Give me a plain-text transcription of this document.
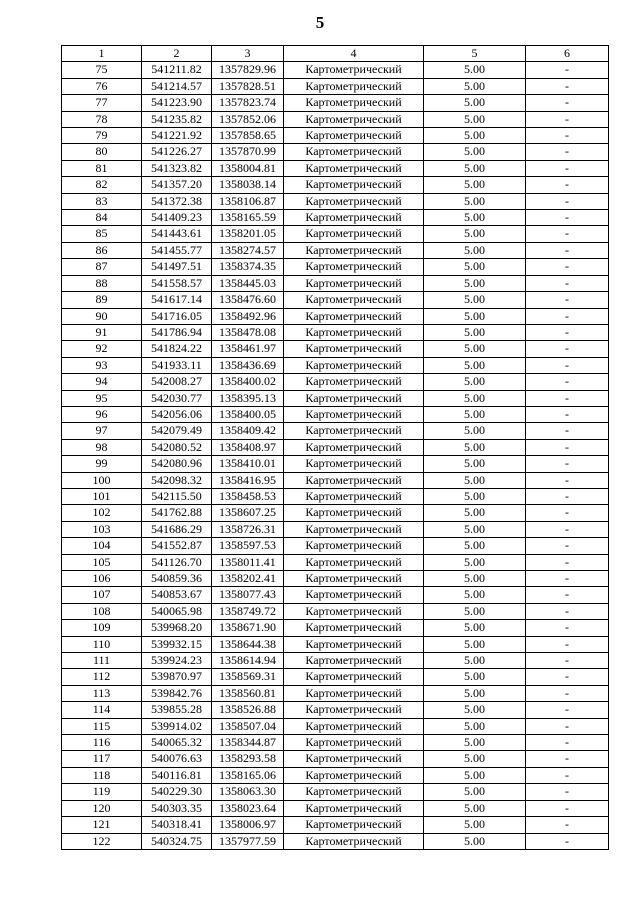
5
1	2	3	4	5	6
75	541211.82	1357829.96	Картометрический	5.00	-
76	541214.57	1357828.51	Картометрический	5.00	-
77	541223.90	1357823.74	Картометрический	5.00	-
78	541235.82	1357852.06	Картометрический	5.00	-
79	541221.92	1357858.65	Картометрический	5.00	-
80	541226.27	1357870.99	Картометрический	5.00	-
81	541323.82	1358004.81	Картометрический	5.00	-
82	541357.20	1358038.14	Картометрический	5.00	-
83	541372.38	1358106.87	Картометрический	5.00	-
84	541409.23	1358165.59	Картометрический	5.00	-
85	541443.61	1358201.05	Картометрический	5.00	-
86	541455.77	1358274.57	Картометрический	5.00	-
87	541497.51	1358374.35	Картометрический	5.00	-
88	541558.57	1358445.03	Картометрический	5.00	-
89	541617.14	1358476.60	Картометрический	5.00	-
90	541716.05	1358492.96	Картометрический	5.00	-
91	541786.94	1358478.08	Картометрический	5.00	-
92	541824.22	1358461.97	Картометрический	5.00	-
93	541933.11	1358436.69	Картометрический	5.00	-
94	542008.27	1358400.02	Картометрический	5.00	-
95	542030.77	1358395.13	Картометрический	5.00	-
96	542056.06	1358400.05	Картометрический	5.00	-
97	542079.49	1358409.42	Картометрический	5.00	-
98	542080.52	1358408.97	Картометрический	5.00	-
99	542080.96	1358410.01	Картометрический	5.00	-
100	542098.32	1358416.95	Картометрический	5.00	-
101	542115.50	1358458.53	Картометрический	5.00	-
102	541762.88	1358607.25	Картометрический	5.00	-
103	541686.29	1358726.31	Картометрический	5.00	-
104	541552.87	1358597.53	Картометрический	5.00	-
105	541126.70	1358011.41	Картометрический	5.00	-
106	540859.36	1358202.41	Картометрический	5.00	-
107	540853.67	1358077.43	Картометрический	5.00	-
108	540065.98	1358749.72	Картометрический	5.00	-
109	539968.20	1358671.90	Картометрический	5.00	-
110	539932.15	1358644.38	Картометрический	5.00	-
111	539924.23	1358614.94	Картометрический	5.00	-
112	539870.97	1358569.31	Картометрический	5.00	-
113	539842.76	1358560.81	Картометрический	5.00	-
114	539855.28	1358526.88	Картометрический	5.00	-
115	539914.02	1358507.04	Картометрический	5.00	-
116	540065.32	1358344.87	Картометрический	5.00	-
117	540076.63	1358293.58	Картометрический	5.00	-
118	540116.81	1358165.06	Картометрический	5.00	-
119	540229.30	1358063.30	Картометрический	5.00	-
120	540303.35	1358023.64	Картометрический	5.00	-
121	540318.41	1358006.97	Картометрический	5.00	-
122	540324.75	1357977.59	Картометрический	5.00	-
